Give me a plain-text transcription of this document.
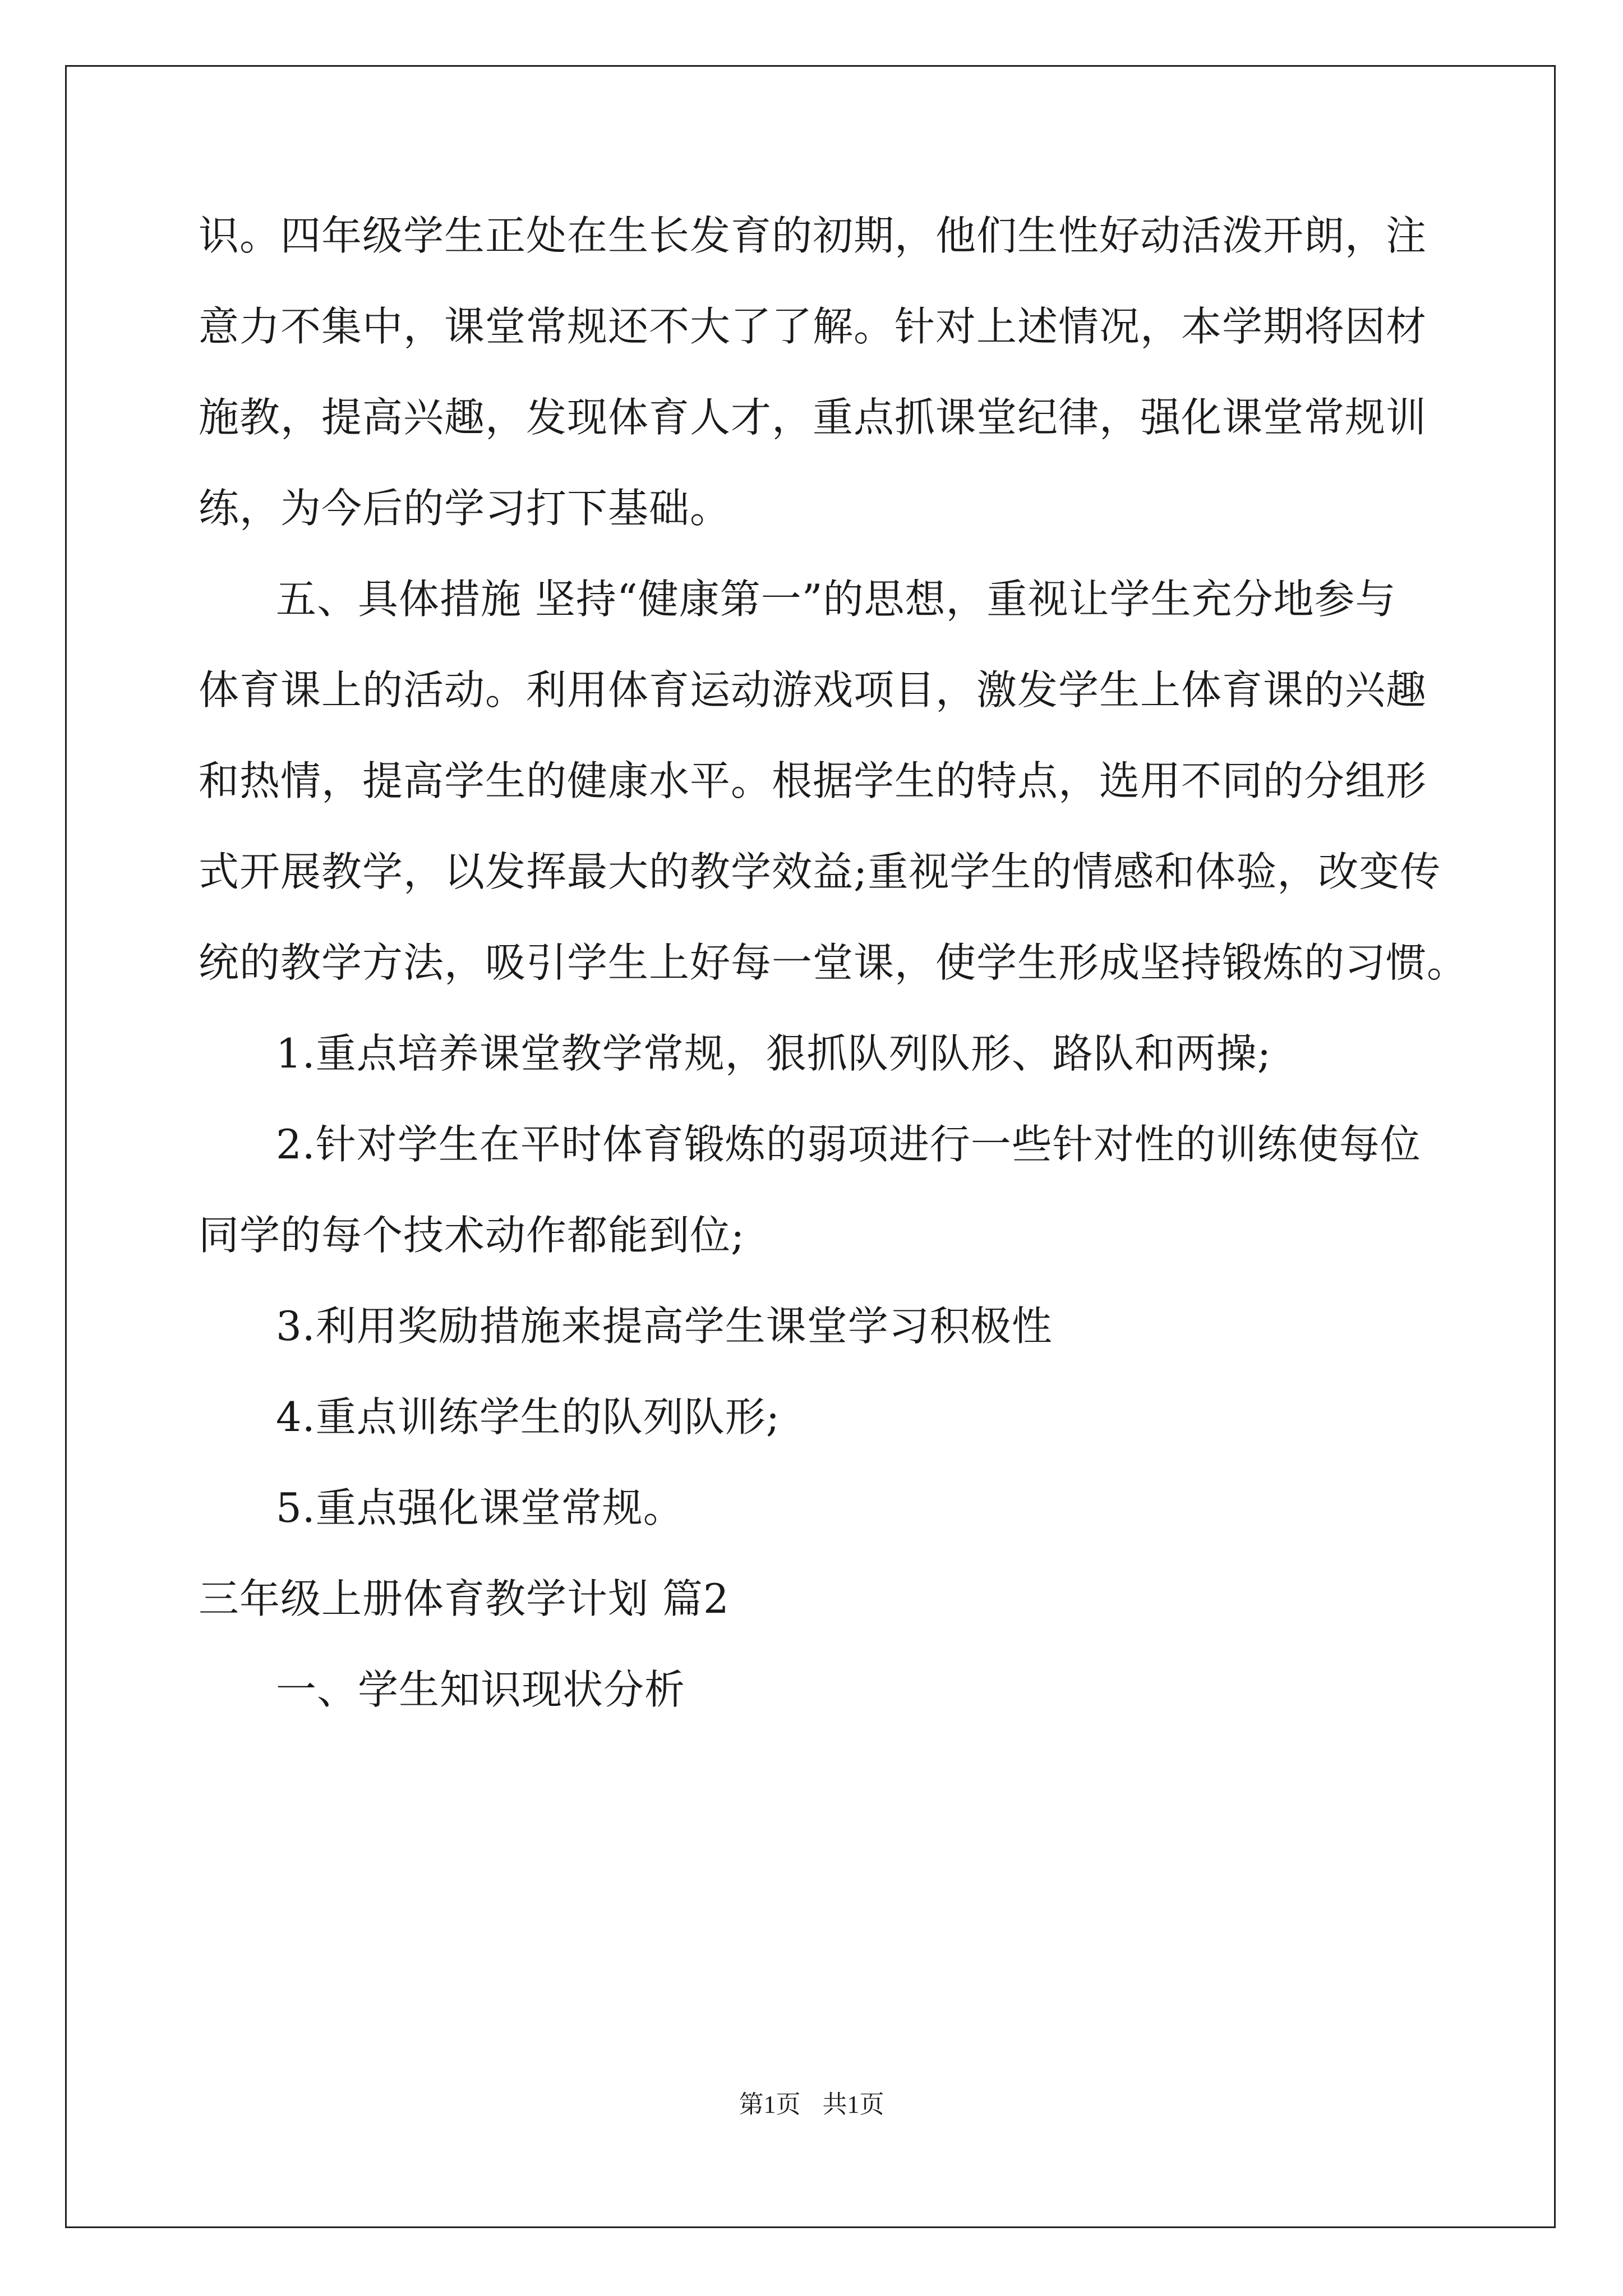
识。四年级学生正处在生长发育的初期，他们生性好动活泼开朗，注
意力不集中，课堂常规还不大了了解。针对上述情况，本学期将因材
施教，提高兴趣，发现体育人才，重点抓课堂纪律，强化课堂常规训
练，为今后的学习打下基础。
五、具体措施 坚持“健康第一”的思想，重视让学生充分地参与
体育课上的活动。利用体育运动游戏项目，激发学生上体育课的兴趣
和热情，提高学生的健康水平。根据学生的特点，选用不同的分组形
式开展教学，以发挥最大的教学效益;重视学生的情感和体验，改变传
统的教学方法，吸引学生上好每一堂课，使学生形成坚持锻炼的习惯。
1.重点培养课堂教学常规，狠抓队列队形、路队和两操;
2.针对学生在平时体育锻炼的弱项进行一些针对性的训练使每位
同学的每个技术动作都能到位;
3.利用奖励措施来提高学生课堂学习积极性
4.重点训练学生的队列队形;
5.重点强化课堂常规。
三年级上册体育教学计划 篇2
一、学生知识现状分析
第1页 共1页
